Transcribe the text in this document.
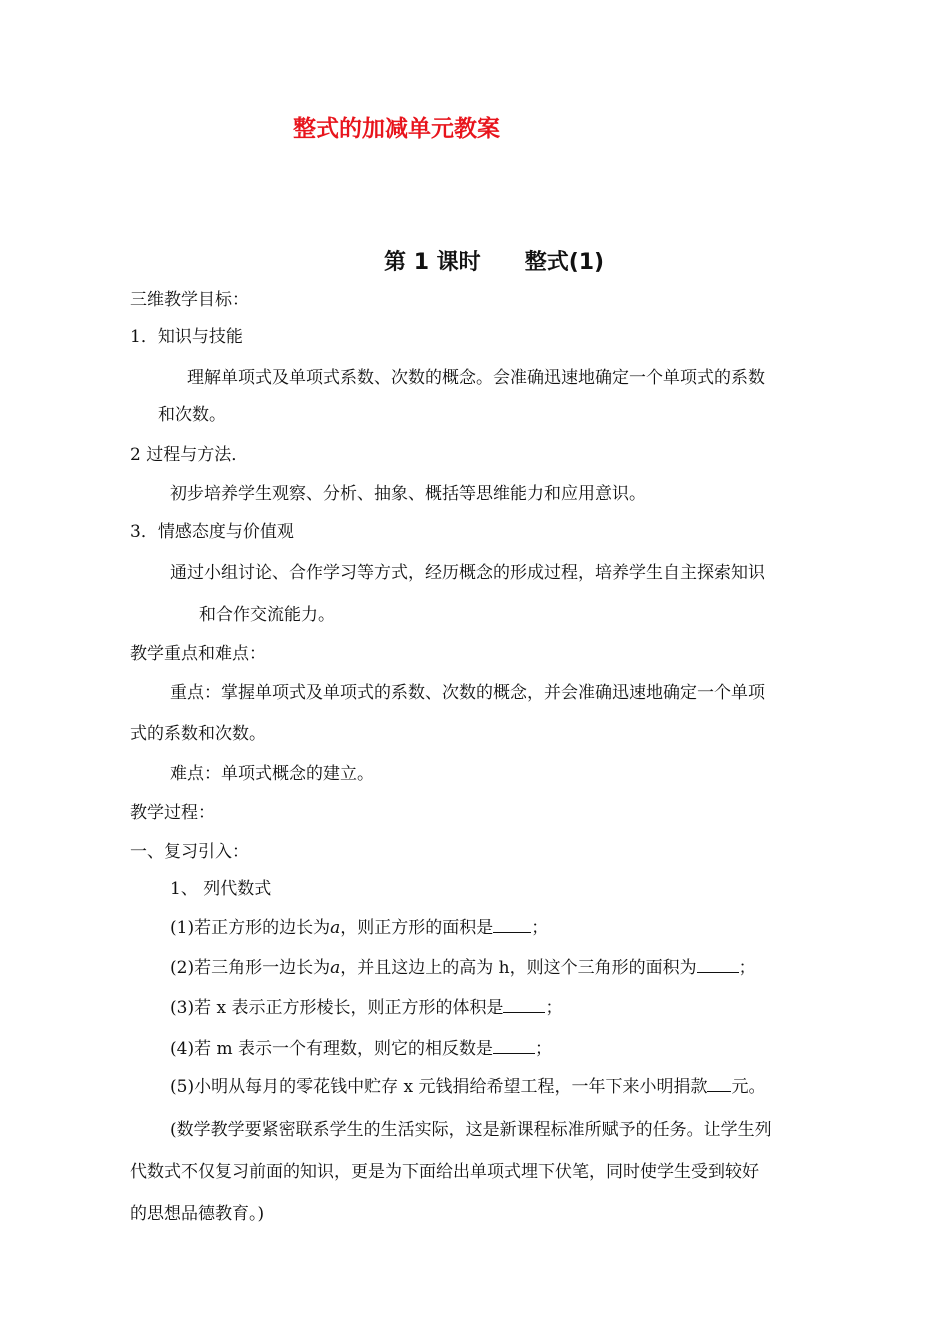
整式的加减单元教案
第 1 课时 整式(1)
三维教学目标：
1．知识与技能
理解单项式及单项式系数、次数的概念。会准确迅速地确定一个单项式的系数
和次数。
2 过程与方法．
初步培养学生观察、分析、抽象、概括等思维能力和应用意识。
3．情感态度与价值观
通过小组讨论、合作学习等方式，经历概念的形成过程，培养学生自主探索知识
和合作交流能力。
教学重点和难点：
重点：掌握单项式及单项式的系数、次数的概念，并会准确迅速地确定一个单项
式的系数和次数。
难点：单项式概念的建立。
教学过程：
一、复习引入：
1、 列代数式
(1)若正方形的边长为a，则正方形的面积是 ；
(2)若三角形一边长为a，并且这边上的高为 h，则这个三角形的面积为 ；
(3)若 x 表示正方形棱长，则正方形的体积是 ；
(4)若 m 表示一个有理数，则它的相反数是 ；
(5)小明从每月的零花钱中贮存 x 元钱捐给希望工程，一年下来小明捐款 元。
(数学教学要紧密联系学生的生活实际，这是新课程标准所赋予的任务。让学生列
代数式不仅复习前面的知识，更是为下面给出单项式埋下伏笔，同时使学生受到较好
的思想品德教育。)
